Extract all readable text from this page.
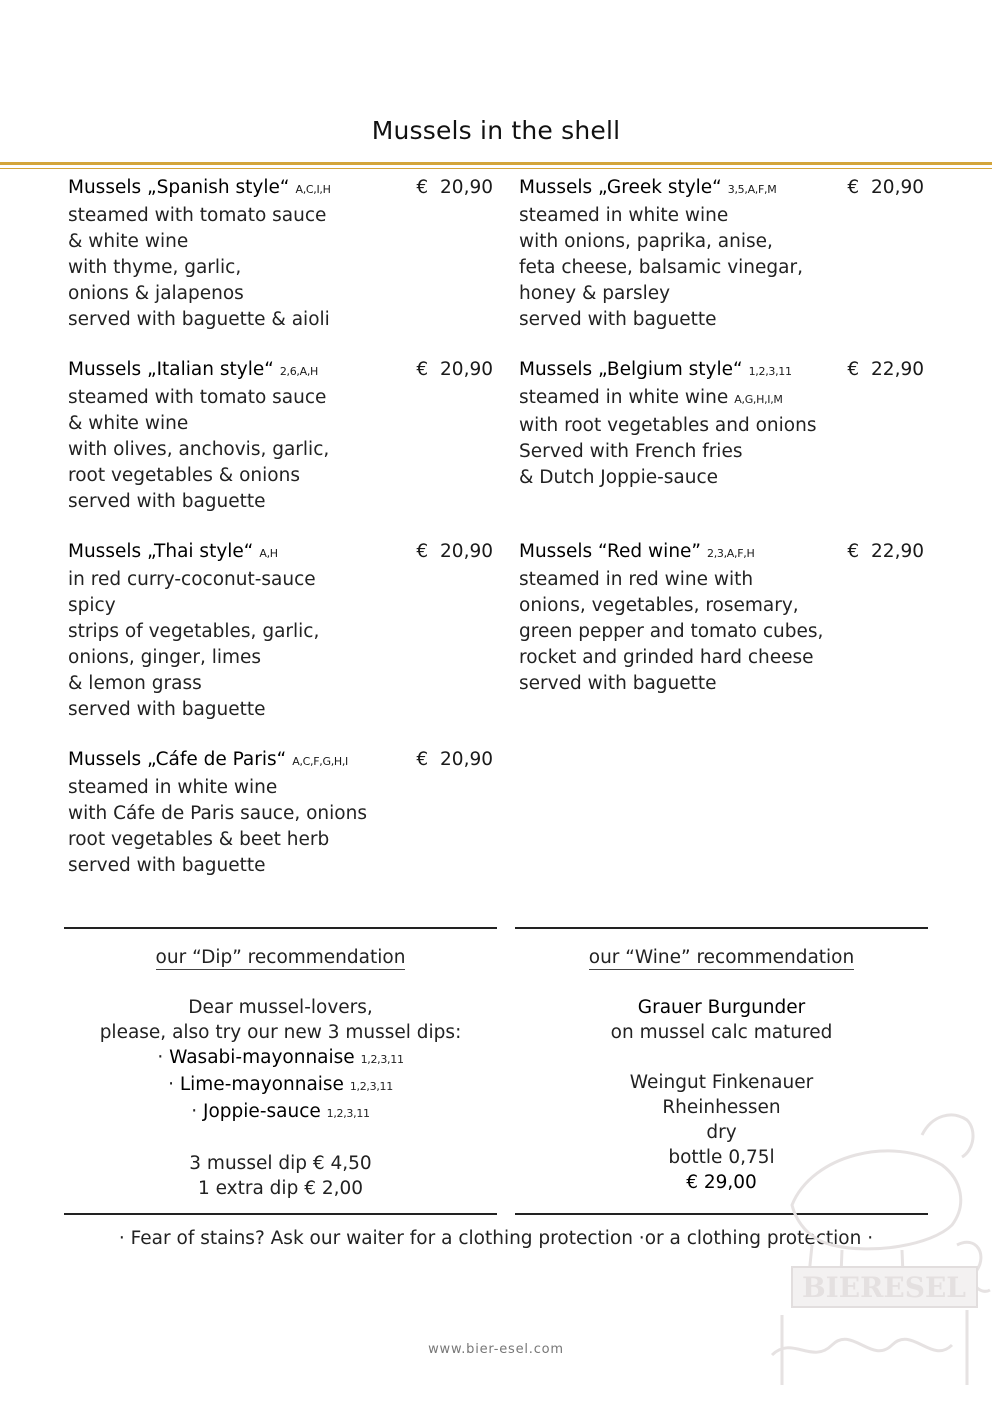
Mussels in the shell
Mussels „Spanish style“ A,C,I,H	€ 20,90
steamed with tomato sauce
& white wine
with thyme, garlic,
onions & jalapenos
served with baguette & aioli
Mussels „Greek style“ 3,5,A,F,M	€ 20,90
steamed in white wine
with onions, paprika, anise,
feta cheese, balsamic vinegar,
honey & parsley
served with baguette
Mussels „Italian style“ 2,6,A,H	€ 20,90
steamed with tomato sauce
& white wine
with olives, anchovis, garlic,
root vegetables & onions
served with baguette
Mussels „Belgium style“ 1,2,3,11	€ 22,90
steamed in white wine A,G,H,I,M
with root vegetables and onions
Served with French fries
& Dutch Joppie-sauce
Mussels „Thai style“ A,H	€ 20,90
in red curry-coconut-sauce
spicy
strips of vegetables, garlic,
onions, ginger, limes
& lemon grass
served with baguette
Mussels “Red wine” 2,3,A,F,H	€ 22,90
steamed in red wine with
onions, vegetables, rosemary,
green pepper and tomato cubes,
rocket and grinded hard cheese
served with baguette
Mussels „Cáfe de Paris“ A,C,F,G,H,I	€ 20,90
steamed in white wine
with Cáfe de Paris sauce, onions
root vegetables & beet herb
served with baguette
our “Dip” recommendation
Dear mussel-lovers,
please, also try our new 3 mussel dips:
· Wasabi-mayonnaise 1,2,3,11
· Lime-mayonnaise 1,2,3,11
· Joppie-sauce 1,2,3,11
3 mussel dip € 4,50
1 extra dip € 2,00
our “Wine” recommendation
Grauer Burgunder
on mussel calc matured
Weingut Finkenauer
Rheinhessen
dry
bottle 0,75l
€ 29,00
· Fear of stains? Ask our waiter for a clothing protection ·or a clothing protection ·
www.bier-esel.com
BIERESEL
